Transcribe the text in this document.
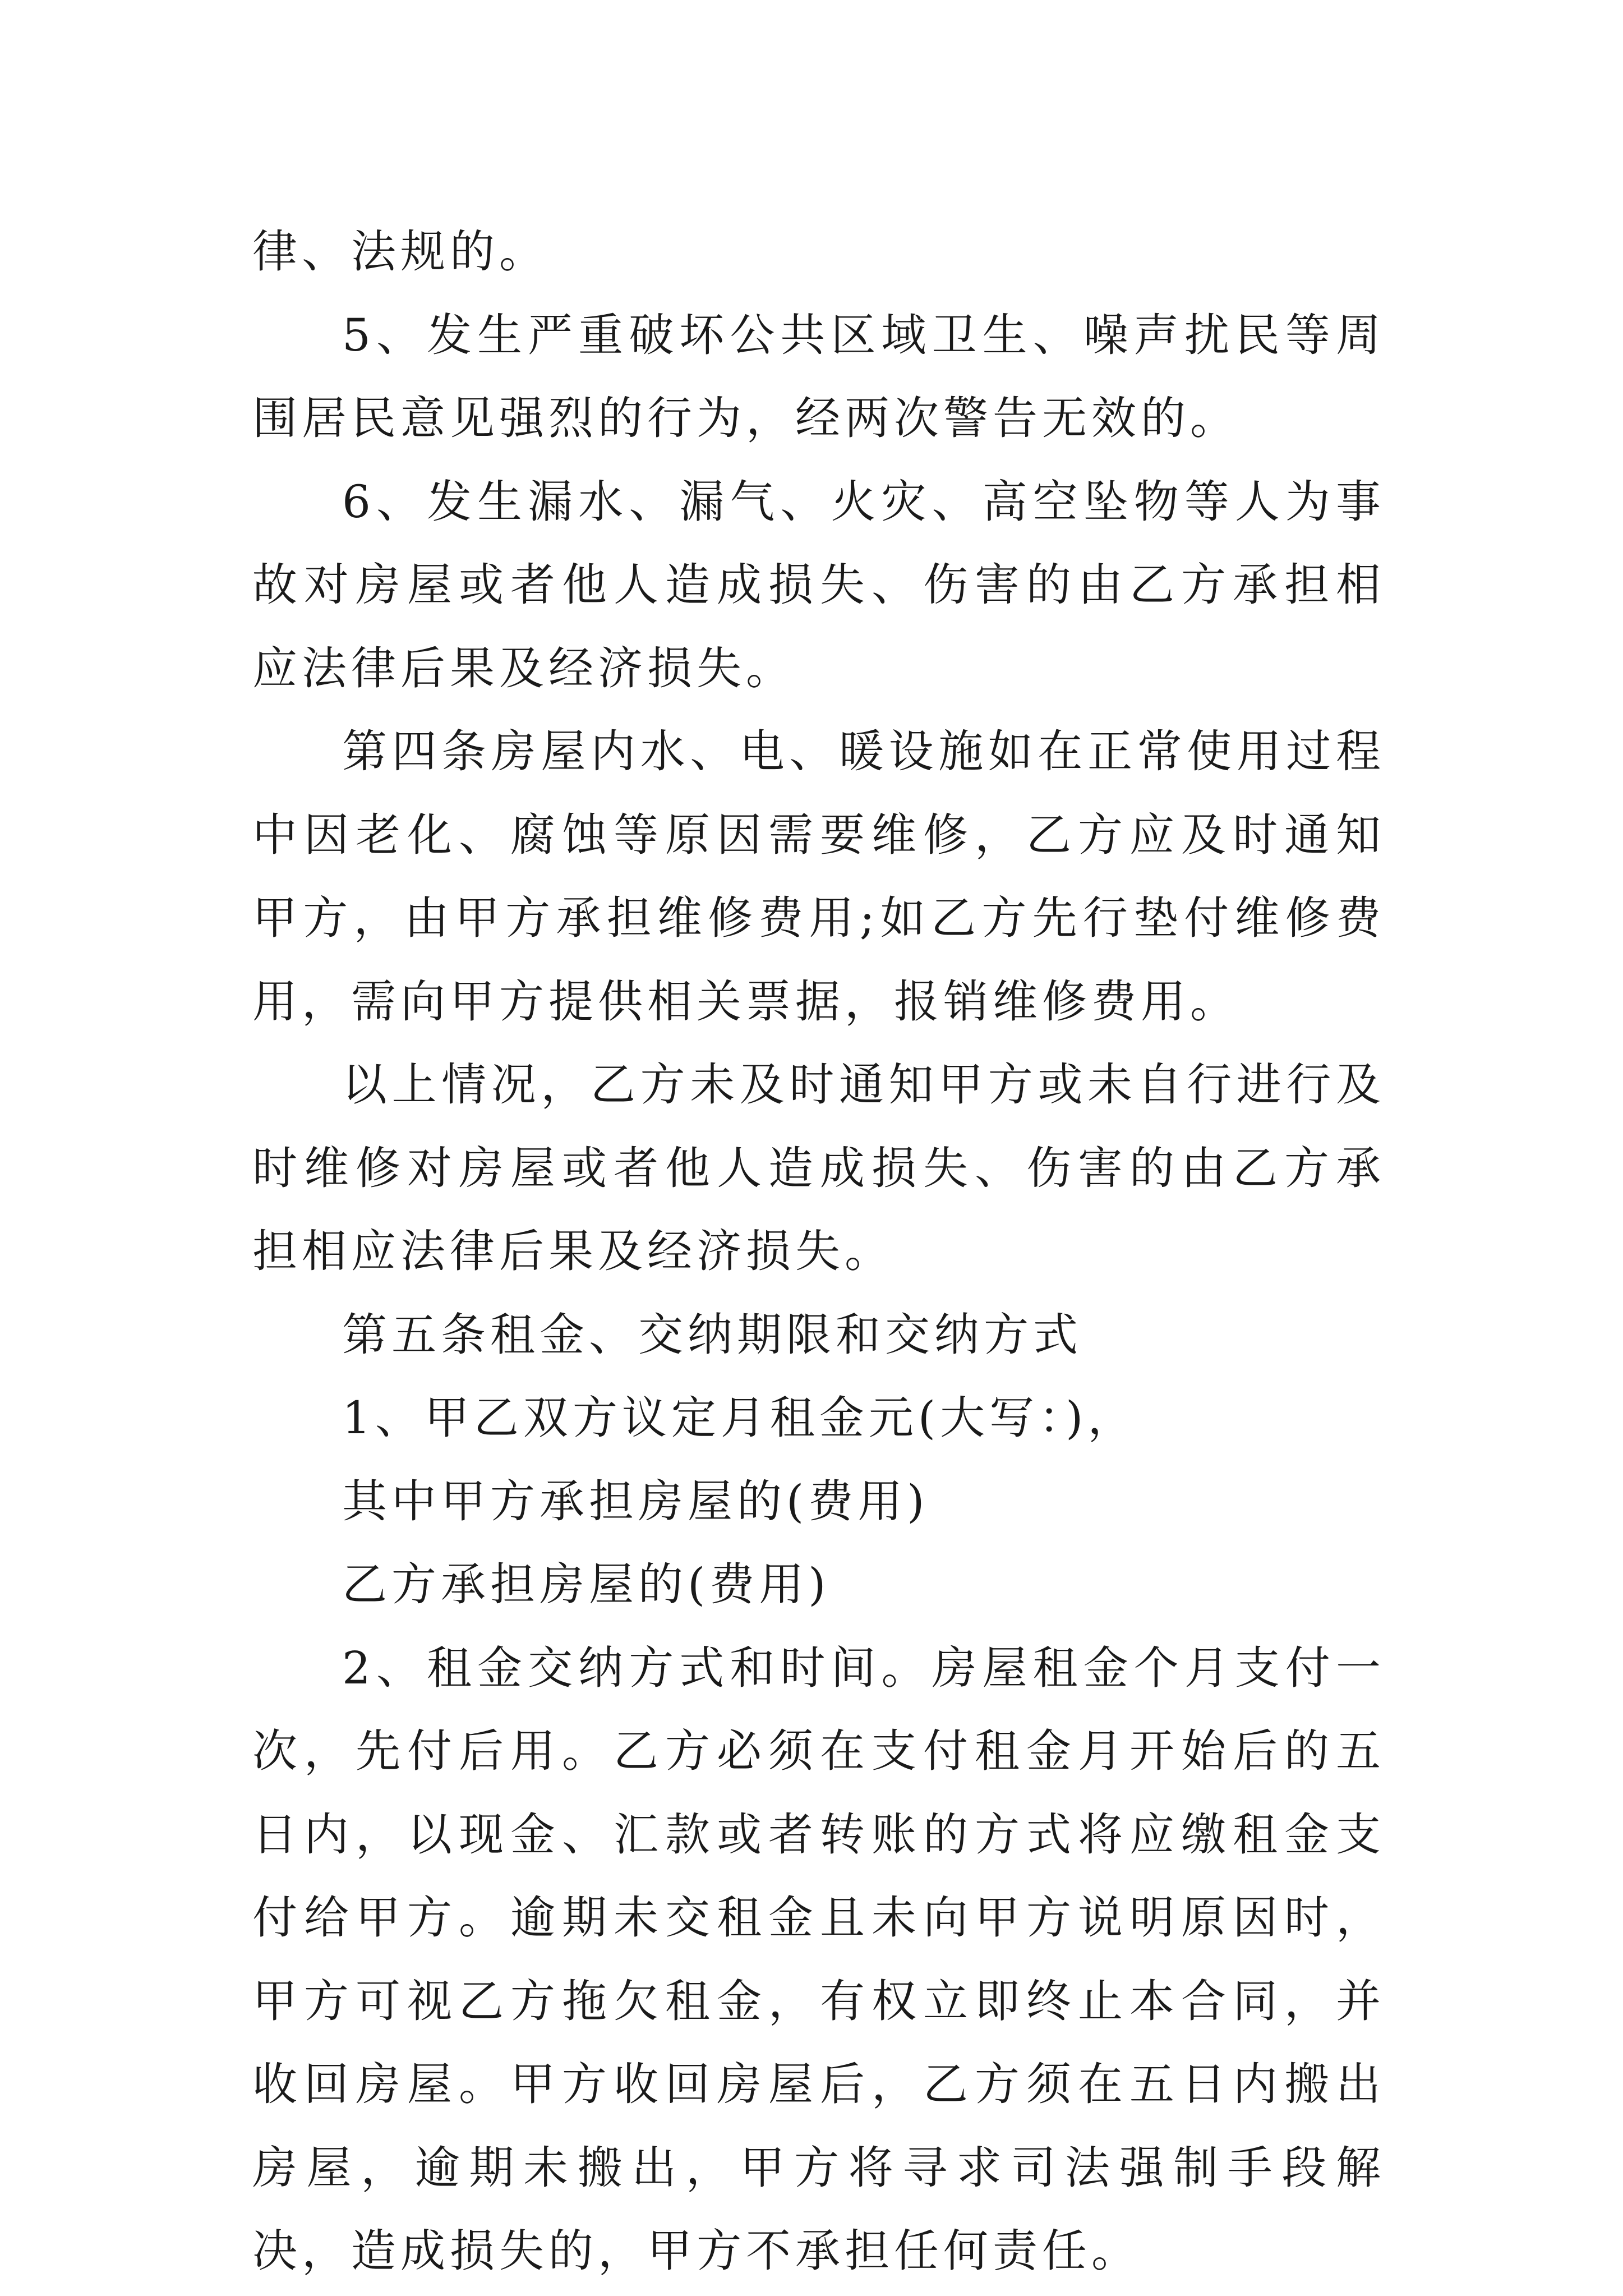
律、法规的。

5、发生严重破坏公共区域卫生、噪声扰民等周围居民意见强烈的行为，经两次警告无效的。

6、发生漏水、漏气、火灾、高空坠物等人为事故对房屋或者他人造成损失、伤害的由乙方承担相应法律后果及经济损失。

第四条房屋内水、电、暖设施如在正常使用过程中因老化、腐蚀等原因需要维修，乙方应及时通知甲方，由甲方承担维修费用;如乙方先行垫付维修费用，需向甲方提供相关票据，报销维修费用。

以上情况，乙方未及时通知甲方或未自行进行及时维修对房屋或者他人造成损失、伤害的由乙方承担相应法律后果及经济损失。

第五条租金、交纳期限和交纳方式

1、甲乙双方议定月租金元(大写：)，

其中甲方承担房屋的(费用)

乙方承担房屋的(费用)

2、租金交纳方式和时间。房屋租金个月支付一次，先付后用。乙方必须在支付租金月开始后的五日内，以现金、汇款或者转账的方式将应缴租金支付给甲方。逾期未交租金且未向甲方说明原因时，甲方可视乙方拖欠租金，有权立即终止本合同，并收回房屋。甲方收回房屋后，乙方须在五日内搬出房屋，逾期未搬出，甲方将寻求司法强制手段解决，造成损失的，甲方不承担任何责任。
